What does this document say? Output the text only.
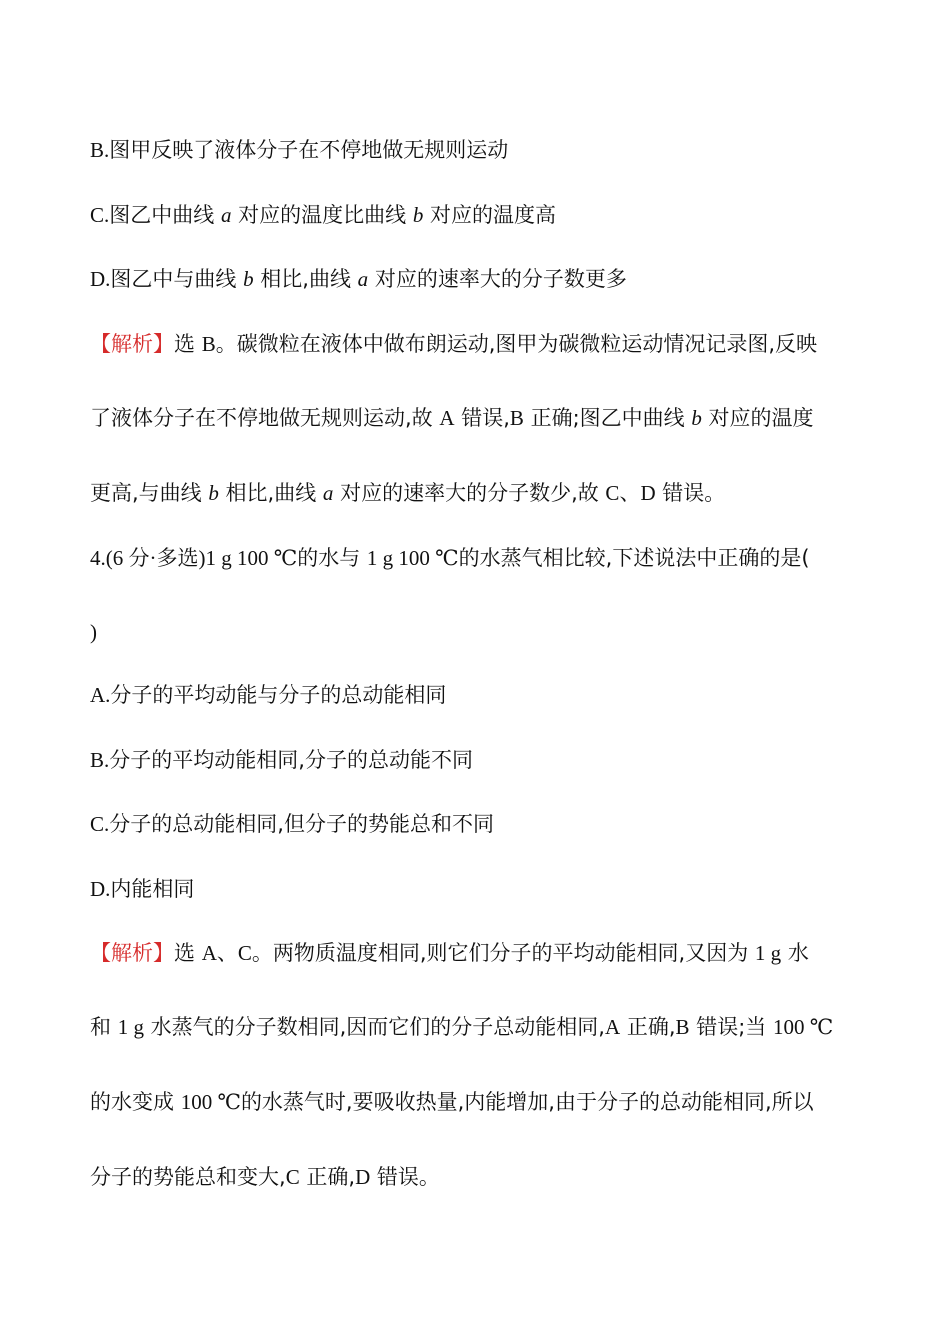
B.图甲反映了液体分子在不停地做无规则运动
C.图乙中曲线 a 对应的温度比曲线 b 对应的温度高
D.图乙中与曲线 b 相比,曲线 a 对应的速率大的分子数更多
【解析】选 B。碳微粒在液体中做布朗运动,图甲为碳微粒运动情况记录图,反映
了液体分子在不停地做无规则运动,故 A 错误,B 正确;图乙中曲线 b 对应的温度
更高,与曲线 b 相比,曲线 a 对应的速率大的分子数少,故 C、D 错误。
4.(6 分·多选)1 g 100 ℃的水与 1 g 100 ℃的水蒸气相比较,下述说法中正确的是(
)
A.分子的平均动能与分子的总动能相同
B.分子的平均动能相同,分子的总动能不同
C.分子的总动能相同,但分子的势能总和不同
D.内能相同
【解析】选 A、C。两物质温度相同,则它们分子的平均动能相同,又因为 1 g 水
和 1 g 水蒸气的分子数相同,因而它们的分子总动能相同,A 正确,B 错误;当 100 ℃
的水变成 100 ℃的水蒸气时,要吸收热量,内能增加,由于分子的总动能相同,所以
分子的势能总和变大,C 正确,D 错误。
